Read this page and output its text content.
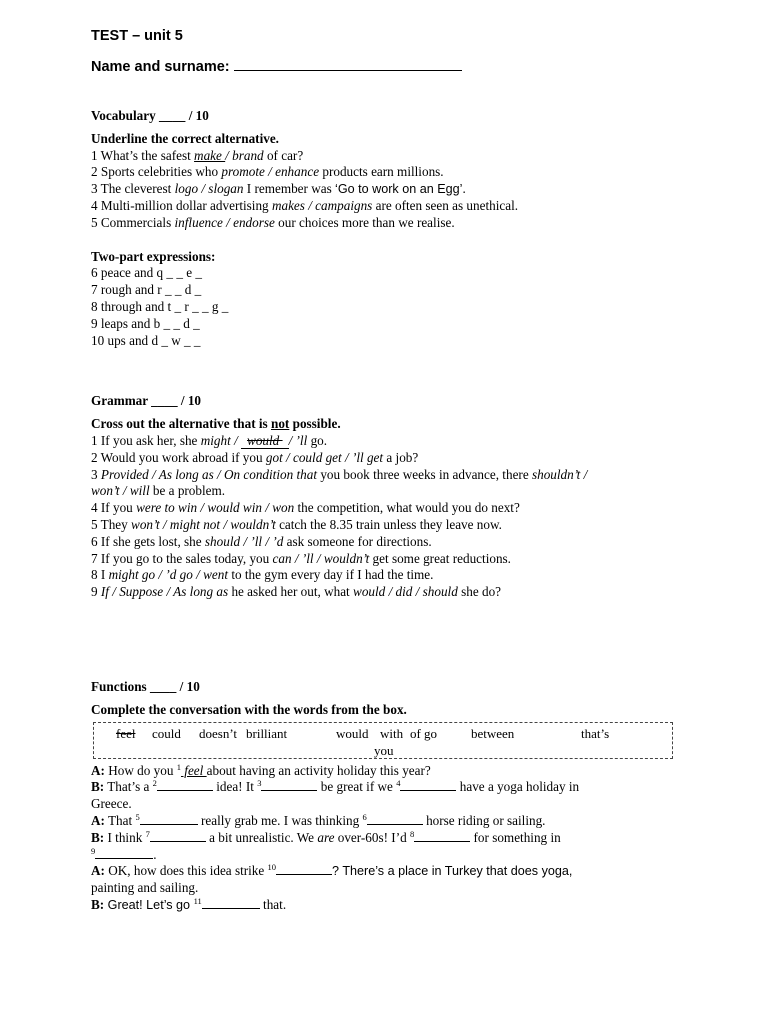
TEST – unit 5
Name and surname:
Vocabulary ____ / 10
Underline the correct alternative.
1 What’s the safest make / brand of car?
2 Sports celebrities who promote / enhance products earn millions.
3 The cleverest logo / slogan I remember was ‘Go to work on an Egg’.
4 Multi-million dollar advertising makes / campaigns are often seen as unethical.
5 Commercials influence / endorse our choices more than we realise.
Two-part expressions:
6 peace and q _ _ e _
7 rough and r _ _ d _
8 through and t _ r _ _ g _
9 leaps and b _ _ d _
10 ups and d _ w _ _
Grammar ____ / 10
Cross out the alternative that is not possible.
1 If you ask her, she might / would / ’ll go.
2 Would you work abroad if you got / could get / ’ll get a job?
3 Provided / As long as / On condition that you book three weeks in advance, there shouldn’t /
won’t / will be a problem.
4 If you were to win / would win / won the competition, what would you do next?
5 They won’t / might not / wouldn’t catch the 8.35 train unless they leave now.
6 If she gets lost, she should / ’ll / ’d ask someone for directions.
7 If you go to the sales today, you can / ’ll / wouldn’t get some great reductions.
8 I might go / ’d go / went to the gym every day if I had the time.
9 If / Suppose / As long as he asked her out, what would / did / should she do?
Functions ____ / 10
Complete the conversation with the words from the box.
feel could doesn’t brilliant	would with of go	between	that’s
you
A: How do you $^1$ feel about having an activity holiday this year?
B: That’s a $^2$	idea! It $^3$	be great if we $^4$	have a yoga holiday in
Greece.
A: That $^5$	really grab me. I was thinking $^6$	horse riding or sailing.
B: I think $^7$	a bit unrealistic. We are over-60s! I’d $^8$	for something in
$^9$	.
A: OK, how does this idea strike $^{10}$	? There’s a place in Turkey that does yoga,
painting and sailing.
B: Great! Let’s go $^{11}$	that.
